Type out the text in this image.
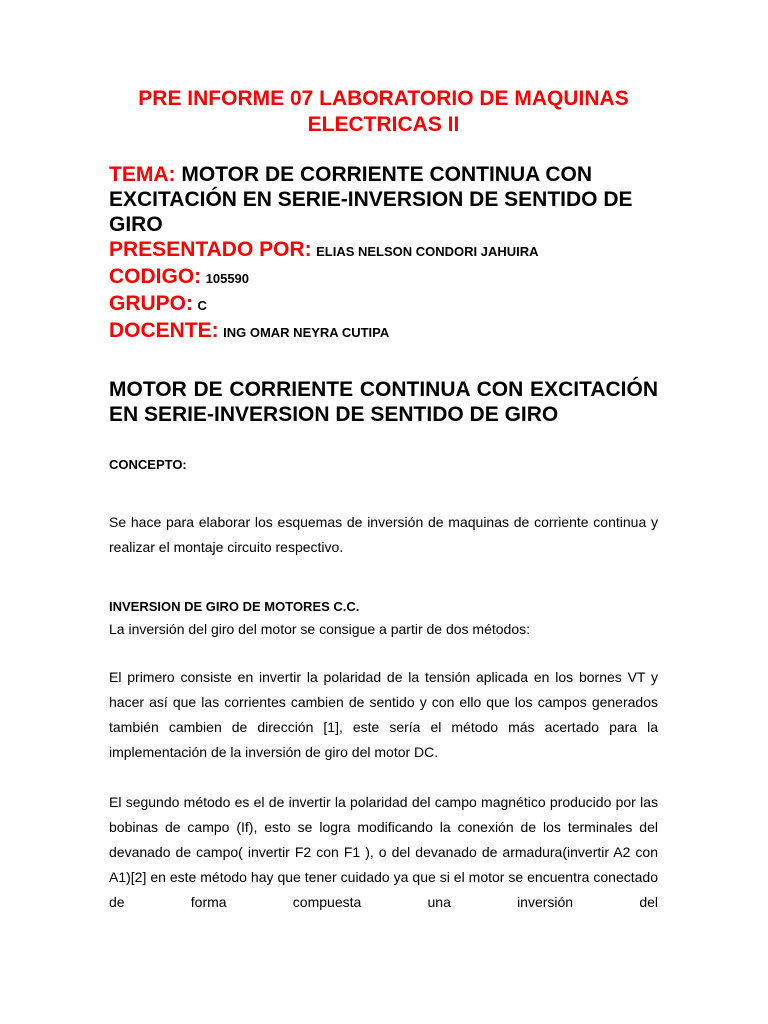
PRE INFORME 07 LABORATORIO DE MAQUINAS ELECTRICAS II

TEMA: MOTOR DE CORRIENTE CONTINUA CON EXCITACIÓN EN SERIE-INVERSION DE SENTIDO DE GIRO

PRESENTADO POR: ELIAS NELSON CONDORI JAHUIRA

CODIGO: 105590

GRUPO: C

DOCENTE: ING OMAR NEYRA CUTIPA

MOTOR DE CORRIENTE CONTINUA CON EXCITACIÓN EN SERIE-INVERSION DE SENTIDO DE GIRO
CONCEPTO:

Se hace para elaborar los esquemas de inversión de maquinas de corriente continua y realizar el montaje circuito respectivo.

INVERSION DE GIRO DE MOTORES C.C.

La inversión del giro del motor se consigue a partir de dos métodos:

El primero consiste en invertir la polaridad de la tensión aplicada en los bornes VT y hacer así que las corrientes cambien de sentido y con ello que los campos generados también cambien de dirección [1], este sería el método más acertado para la implementación de la inversión de giro del motor DC.

El segundo método es el de invertir la polaridad del campo magnético producido por las bobinas de campo (If), esto se logra modificando la conexión de los terminales del devanado de campo( invertir F2 con F1 ), o del devanado de armadura(invertir A2 con A1)[2] en este método hay que tener cuidado ya que si el motor se encuentra conectado de forma compuesta una inversión del
